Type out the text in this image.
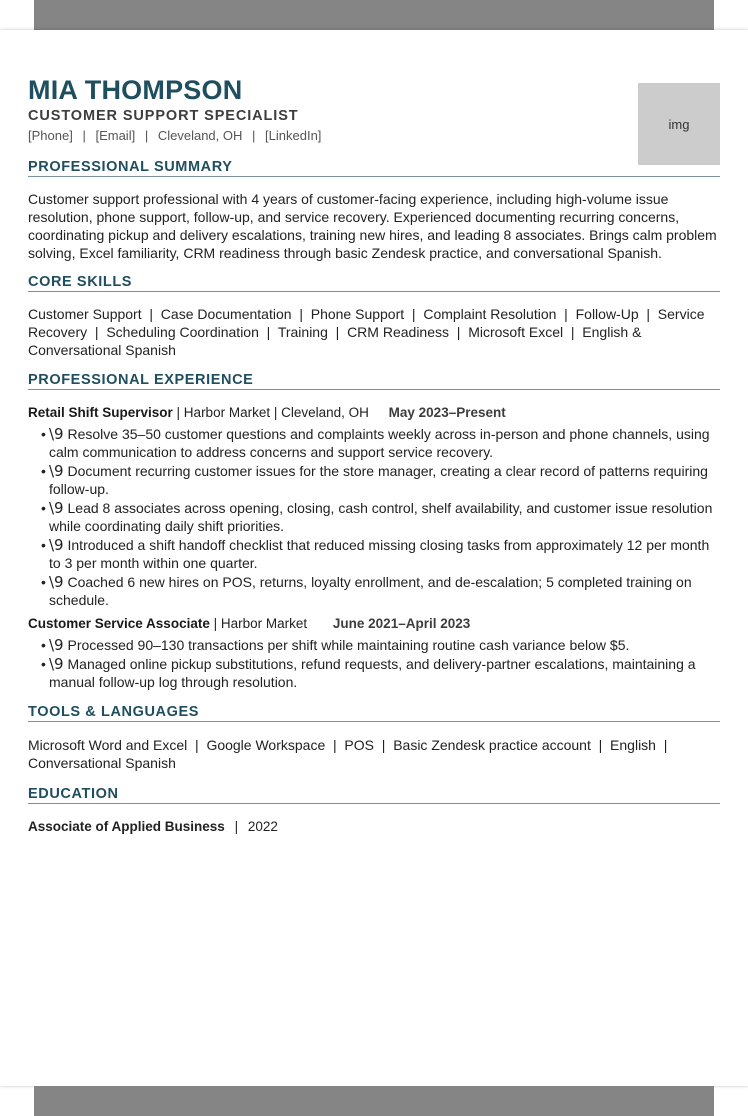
MIA THOMPSON
CUSTOMER SUPPORT SPECIALIST
[Phone] | [Email] | Cleveland, OH | [LinkedIn]
img
PROFESSIONAL SUMMARY
Customer support professional with 4 years of customer-facing experience, including high-volume issue resolution, phone support, follow-up, and service recovery. Experienced documenting recurring concerns, coordinating pickup and delivery escalations, training new hires, and leading 8 associates. Brings calm problem solving, Excel familiarity, CRM readiness through basic Zendesk practice, and conversational Spanish.
CORE SKILLS
Customer Support  |  Case Documentation  |  Phone Support  |  Complaint Resolution  |  Follow-Up  |  Service Recovery  |  Scheduling Coordination  |  Training  |  CRM Readiness  |  Microsoft Excel  |  English & Conversational Spanish
PROFESSIONAL EXPERIENCE
Retail Shift Supervisor | Harbor Market | Cleveland, OH May 2023–Present
• \9 Resolve 35–50 customer questions and complaints weekly across in-person and phone channels, using calm communication to address concerns and support service recovery.
• \9 Document recurring customer issues for the store manager, creating a clear record of patterns requiring follow-up.
• \9 Lead 8 associates across opening, closing, cash control, shelf availability, and customer issue resolution while coordinating daily shift priorities.
• \9 Introduced a shift handoff checklist that reduced missing closing tasks from approximately 12 per month to 3 per month within one quarter.
• \9 Coached 6 new hires on POS, returns, loyalty enrollment, and de-escalation; 5 completed training on schedule.
Customer Service Associate | Harbor Market June 2021–April 2023
• \9 Processed 90–130 transactions per shift while maintaining routine cash variance below $5.
• \9 Managed online pickup substitutions, refund requests, and delivery-partner escalations, maintaining a manual follow-up log through resolution.
TOOLS & LANGUAGES
Microsoft Word and Excel  |  Google Workspace  |  POS  |  Basic Zendesk practice account  |  English  |  Conversational Spanish
EDUCATION
Associate of Applied Business | 2022
